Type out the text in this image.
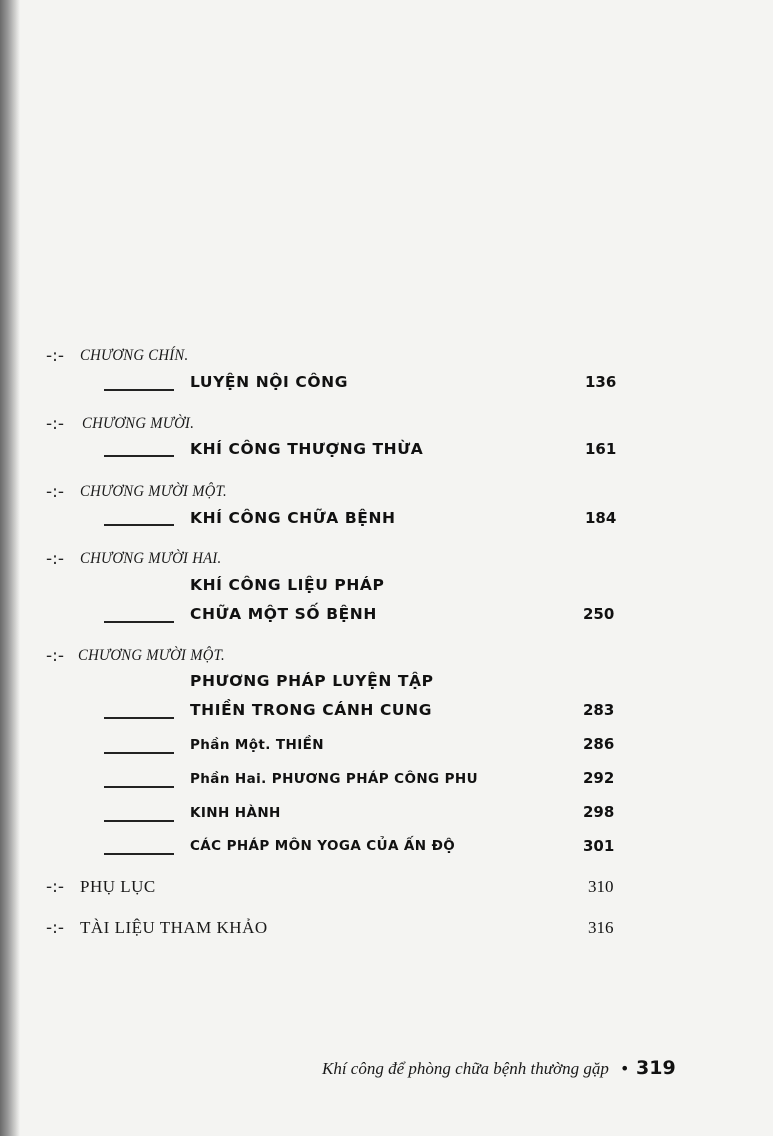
-:- CHƯƠNG CHÍN.
LUYỆN NỘI CÔNG	136
-:- CHƯƠNG MƯỜI.
KHÍ CÔNG THƯỢNG THỪA	161
-:- CHƯƠNG MƯỜI MỘT.
KHÍ CÔNG CHỮA BỆNH	184
-:- CHƯƠNG MƯỜI HAI.
KHÍ CÔNG LIỆU PHÁP
CHỮA MỘT SỐ BỆNH	250
-:- CHƯƠNG MƯỜI MỘT.
PHƯƠNG PHÁP LUYỆN TẬP
THIỀN TRONG CÁNH CUNG	283
Phần Một. THIỀN	286
Phần Hai. PHƯƠNG PHÁP CÔNG PHU	292
KINH HÀNH	298
CÁC PHÁP MÔN YOGA CỦA ẤN ĐỘ	301
-:- PHỤ LỤC	310
-:- TÀI LIỆU THAM KHẢO	316
Khí công để phòng chữa bệnh thường gặp • 319
